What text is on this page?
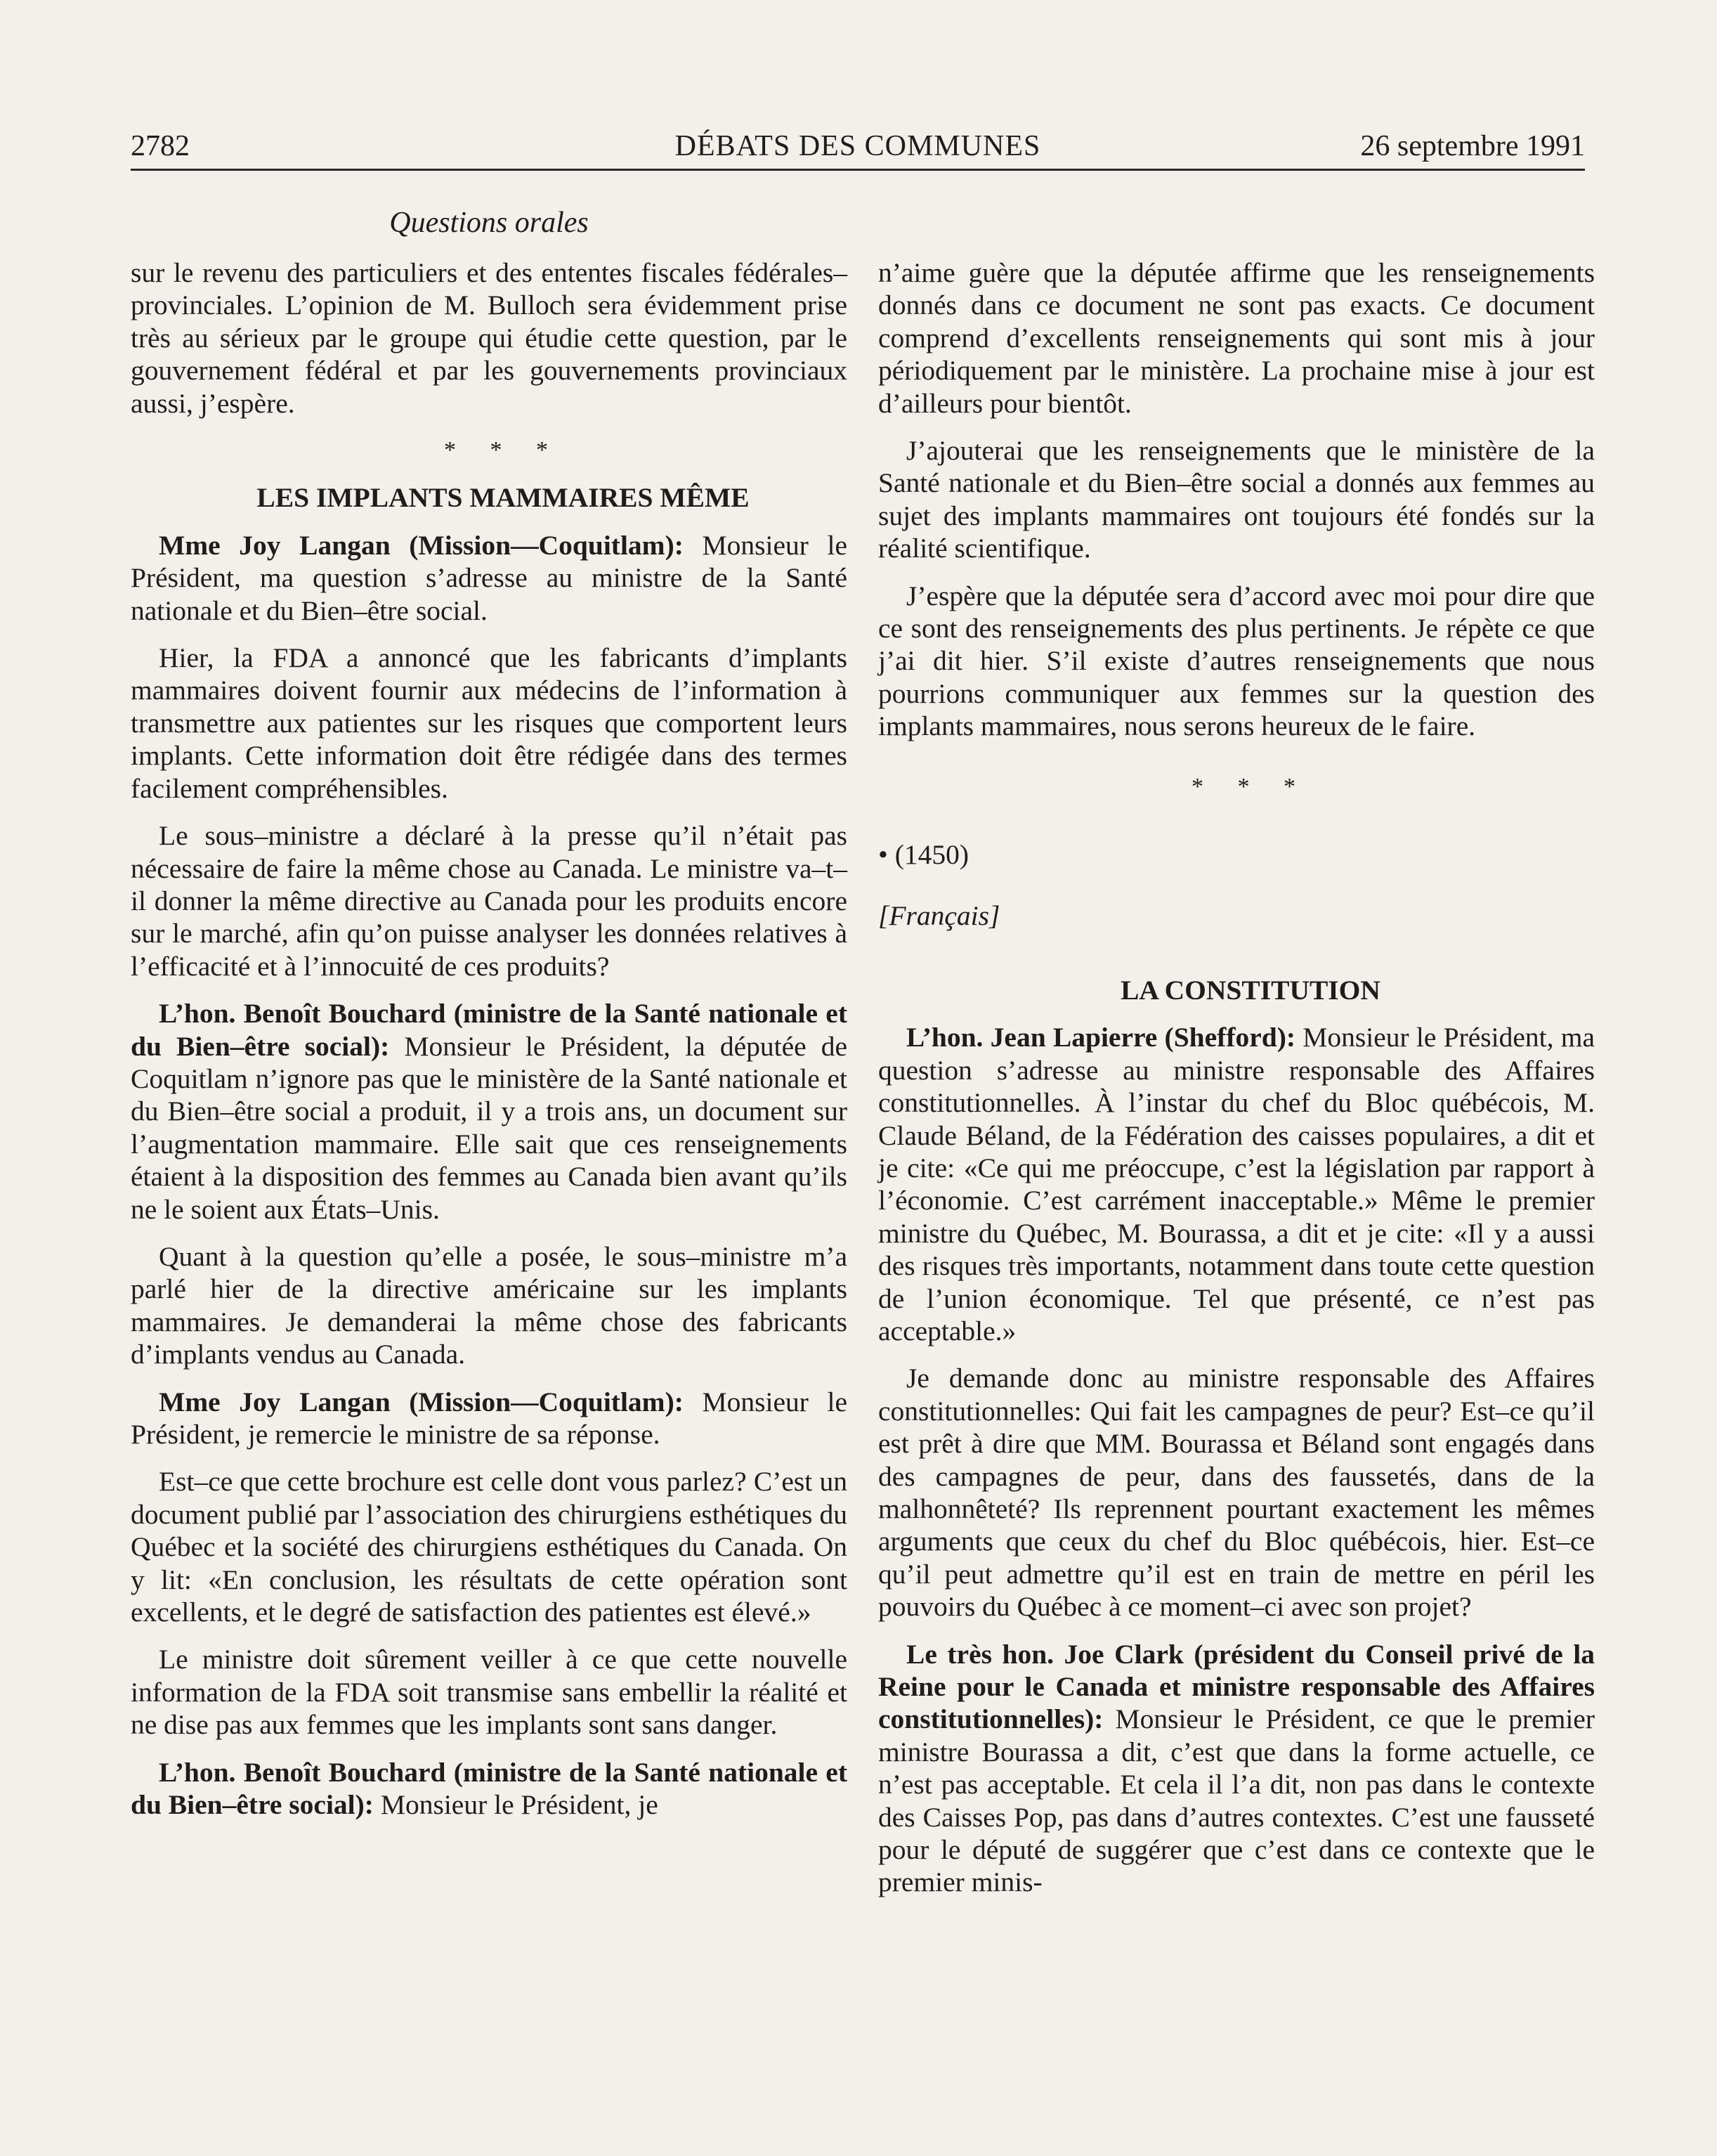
DÉBATS DES COMMUNES
2782	26 septembre 1991
Questions orales

sur le revenu des particuliers et des ententes fiscales fédérales–provinciales. L’opinion de M. Bulloch sera évidemment prise très au sérieux par le groupe qui étudie cette question, par le gouvernement fédéral et par les gouvernements provinciaux aussi, j’espère.

* * *

LES IMPLANTS MAMMAIRES MÊME

Mme Joy Langan (Mission—Coquitlam): Monsieur le Président, ma question s’adresse au ministre de la Santé nationale et du Bien–être social.

Hier, la FDA a annoncé que les fabricants d’implants mammaires doivent fournir aux médecins de l’information à transmettre aux patientes sur les risques que comportent leurs implants. Cette information doit être rédigée dans des termes facilement compréhensibles.

Le sous–ministre a déclaré à la presse qu’il n’était pas nécessaire de faire la même chose au Canada. Le ministre va–t–il donner la même directive au Canada pour les produits encore sur le marché, afin qu’on puisse analyser les données relatives à l’efficacité et à l’innocuité de ces produits?

L’hon. Benoît Bouchard (ministre de la Santé nationale et du Bien–être social): Monsieur le Président, la députée de Coquitlam n’ignore pas que le ministère de la Santé nationale et du Bien–être social a produit, il y a trois ans, un document sur l’augmentation mammaire. Elle sait que ces renseignements étaient à la disposition des femmes au Canada bien avant qu’ils ne le soient aux États–Unis.

Quant à la question qu’elle a posée, le sous–ministre m’a parlé hier de la directive américaine sur les implants mammaires. Je demanderai la même chose des fabricants d’implants vendus au Canada.

Mme Joy Langan (Mission—Coquitlam): Monsieur le Président, je remercie le ministre de sa réponse.

Est–ce que cette brochure est celle dont vous parlez? C’est un document publié par l’association des chirurgiens esthétiques du Québec et la société des chirurgiens esthétiques du Canada. On y lit: «En conclusion, les résultats de cette opération sont excellents, et le degré de satisfaction des patientes est élevé.»

Le ministre doit sûrement veiller à ce que cette nouvelle information de la FDA soit transmise sans embellir la réalité et ne dise pas aux femmes que les implants sont sans danger.

L’hon. Benoît Bouchard (ministre de la Santé nationale et du Bien–être social): Monsieur le Président, je

n’aime guère que la députée affirme que les renseignements donnés dans ce document ne sont pas exacts. Ce document comprend d’excellents renseignements qui sont mis à jour périodiquement par le ministère. La prochaine mise à jour est d’ailleurs pour bientôt.

J’ajouterai que les renseignements que le ministère de la Santé nationale et du Bien–être social a donnés aux femmes au sujet des implants mammaires ont toujours été fondés sur la réalité scientifique.

J’espère que la députée sera d’accord avec moi pour dire que ce sont des renseignements des plus pertinents. Je répète ce que j’ai dit hier. S’il existe d’autres renseignements que nous pourrions communiquer aux femmes sur la question des implants mammaires, nous serons heureux de le faire.

* * *

• (1450)

[Français]

LA CONSTITUTION

L’hon. Jean Lapierre (Shefford): Monsieur le Président, ma question s’adresse au ministre responsable des Affaires constitutionnelles. À l’instar du chef du Bloc québécois, M. Claude Béland, de la Fédération des caisses populaires, a dit et je cite: «Ce qui me préoccupe, c’est la législation par rapport à l’économie. C’est carrément inacceptable.» Même le premier ministre du Québec, M. Bourassa, a dit et je cite: «Il y a aussi des risques très importants, notamment dans toute cette question de l’union économique. Tel que présenté, ce n’est pas acceptable.»

Je demande donc au ministre responsable des Affaires constitutionnelles: Qui fait les campagnes de peur? Est–ce qu’il est prêt à dire que MM. Bourassa et Béland sont engagés dans des campagnes de peur, dans des faussetés, dans de la malhonnêteté? Ils reprennent pourtant exactement les mêmes arguments que ceux du chef du Bloc québécois, hier. Est–ce qu’il peut admettre qu’il est en train de mettre en péril les pouvoirs du Québec à ce moment–ci avec son projet?

Le très hon. Joe Clark (président du Conseil privé de la Reine pour le Canada et ministre responsable des Affaires constitutionnelles): Monsieur le Président, ce que le premier ministre Bourassa a dit, c’est que dans la forme actuelle, ce n’est pas acceptable. Et cela il l’a dit, non pas dans le contexte des Caisses Pop, pas dans d’autres contextes. C’est une fausseté pour le député de suggérer que c’est dans ce contexte que le premier minis-
